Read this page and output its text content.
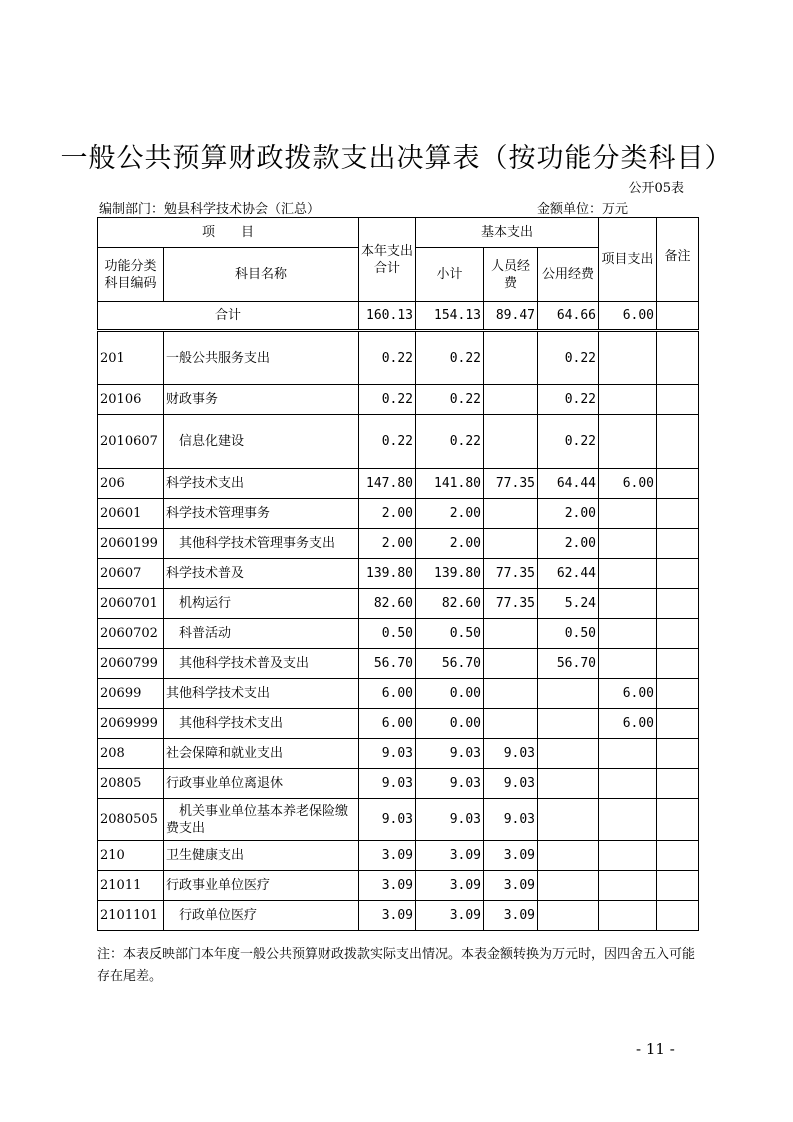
一般公共预算财政拨款支出决算表（按功能分类科目）
公开05表
编制部门：勉县科学技术协会（汇总）	金额单位：万元
项　　目		本年支出合计	基本支出			项目支出	备注
功能分类科目编码	科目名称		小计	人员经费	公用经费		
合计		160.13	154.13	89.47	64.66	6.00	
201	一般公共服务支出	0.22	0.22		0.22		
20106	财政事务	0.22	0.22		0.22		
2010607	　信息化建设	0.22	0.22		0.22		
206	科学技术支出	147.80	141.80	77.35	64.44	6.00	
20601	科学技术管理事务	2.00	2.00		2.00		
2060199	　其他科学技术管理事务支出	2.00	2.00		2.00		
20607	科学技术普及	139.80	139.80	77.35	62.44		
2060701	　机构运行	82.60	82.60	77.35	5.24		
2060702	　科普活动	0.50	0.50		0.50		
2060799	　其他科学技术普及支出	56.70	56.70		56.70		
20699	其他科学技术支出	6.00	0.00			6.00	
2069999	　其他科学技术支出	6.00	0.00			6.00	
208	社会保障和就业支出	9.03	9.03	9.03			
20805	行政事业单位离退休	9.03	9.03	9.03			
2080505	　机关事业单位基本养老保险缴费支出	9.03	9.03	9.03			
210	卫生健康支出	3.09	3.09	3.09			
21011	行政事业单位医疗	3.09	3.09	3.09			
2101101	　行政单位医疗	3.09	3.09	3.09			
注：本表反映部门本年度一般公共预算财政拨款实际支出情况。本表金额转换为万元时，因四舍五入可能存在尾差。
- 11 -
